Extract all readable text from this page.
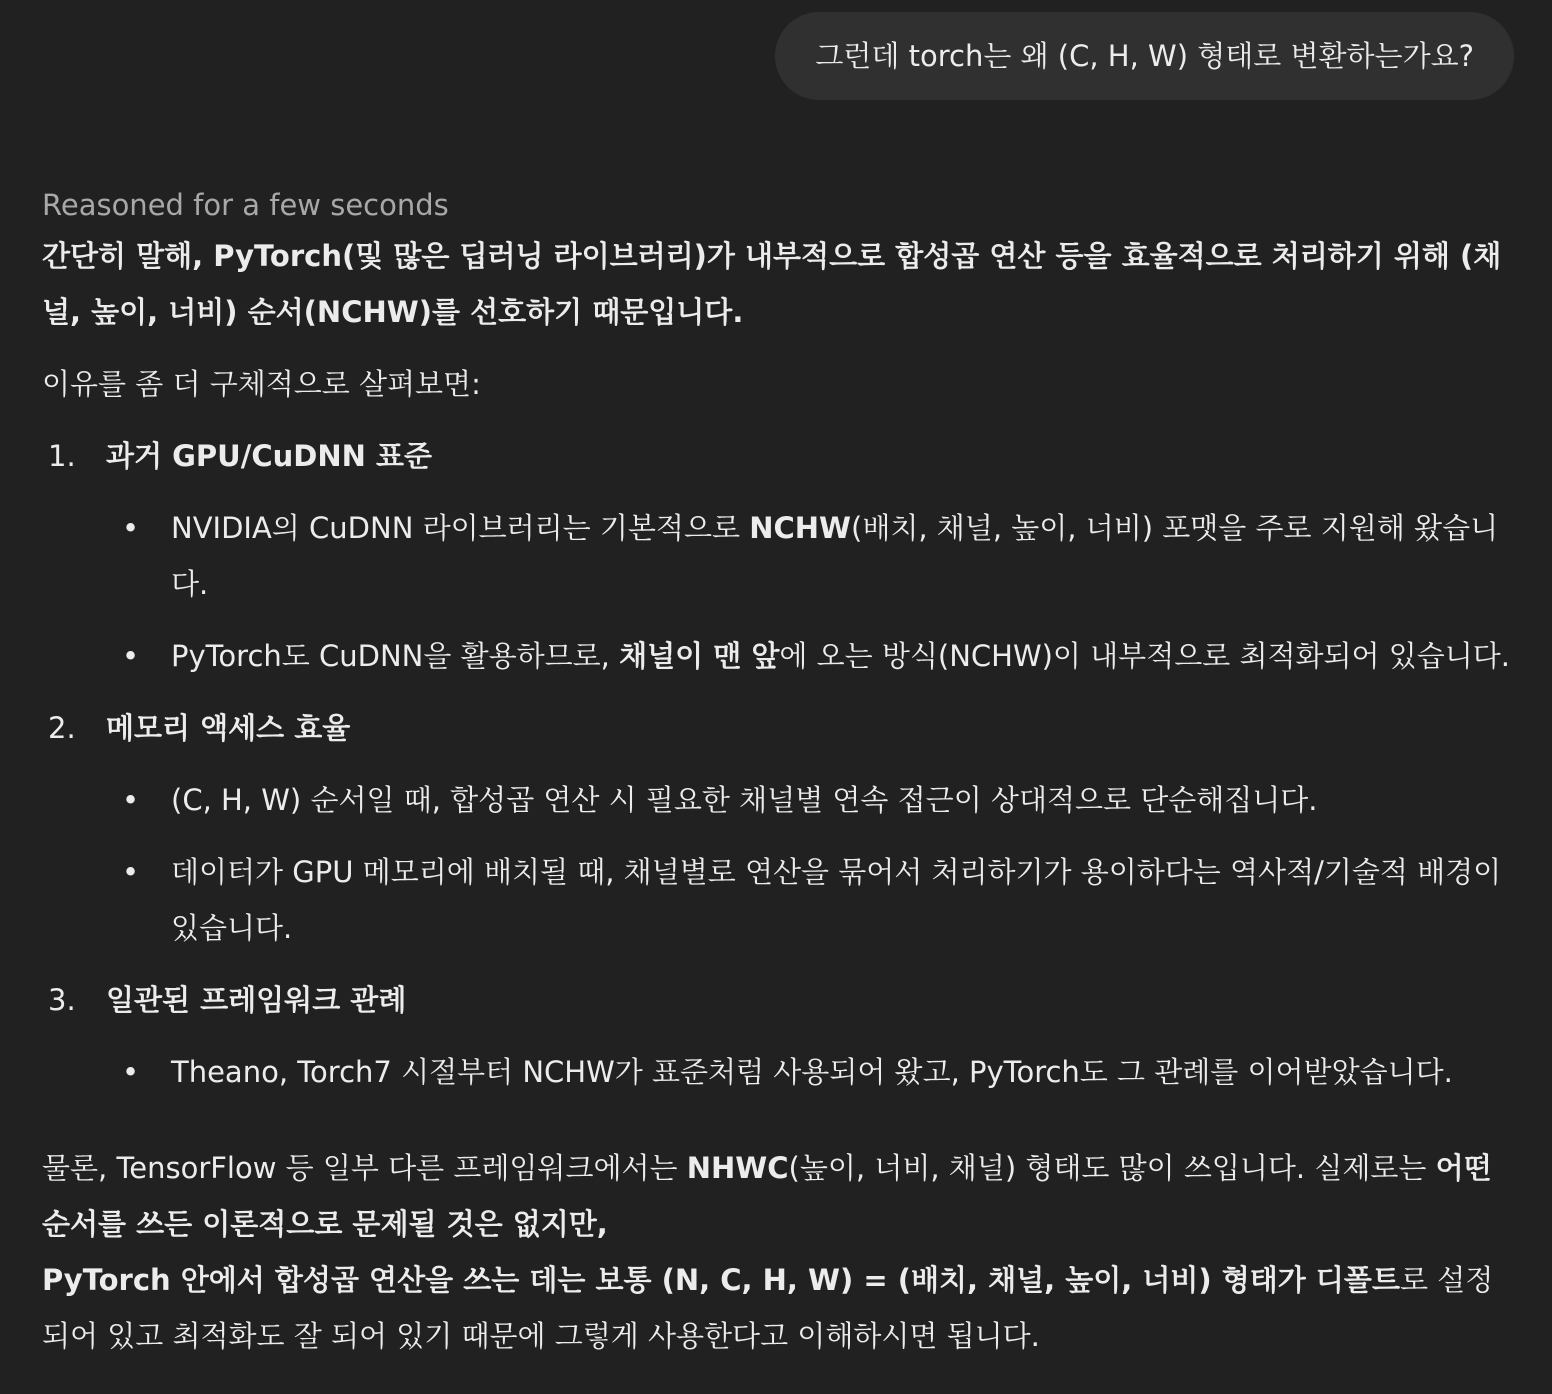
그런데 torch는 왜 (C, H, W) 형태로 변환하는가요?
Reasoned for a few seconds

간단히 말해, PyTorch(및 많은 딥러닝 라이브러리)가 내부적으로 합성곱 연산 등을 효율적으로 처리하기 위해 (채널, 높이, 너비) 순서(NCHW)를 선호하기 때문입니다.

이유를 좀 더 구체적으로 살펴보면:

1.	과거 GPU/CuDNN 표준
•	NVIDIA의 CuDNN 라이브러리는 기본적으로 NCHW(배치, 채널, 높이, 너비) 포맷을 주로 지원해 왔습니다.
•	PyTorch도 CuDNN을 활용하므로, 채널이 맨 앞에 오는 방식(NCHW)이 내부적으로 최적화되어 있습니다.
2.	메모리 액세스 효율
•	(C, H, W) 순서일 때, 합성곱 연산 시 필요한 채널별 연속 접근이 상대적으로 단순해집니다.
•	데이터가 GPU 메모리에 배치될 때, 채널별로 연산을 묶어서 처리하기가 용이하다는 역사적/기술적 배경이 있습니다.
3.	일관된 프레임워크 관례
•	Theano, Torch7 시절부터 NCHW가 표준처럼 사용되어 왔고, PyTorch도 그 관례를 이어받았습니다.

물론, TensorFlow 등 일부 다른 프레임워크에서는 NHWC(높이, 너비, 채널) 형태도 많이 쓰입니다. 실제로는 어떤 순서를 쓰든 이론적으로 문제될 것은 없지만,
PyTorch 안에서 합성곱 연산을 쓰는 데는 보통 (N, C, H, W) = (배치, 채널, 높이, 너비) 형태가 디폴트로 설정되어 있고 최적화도 잘 되어 있기 때문에 그렇게 사용한다고 이해하시면 됩니다.
